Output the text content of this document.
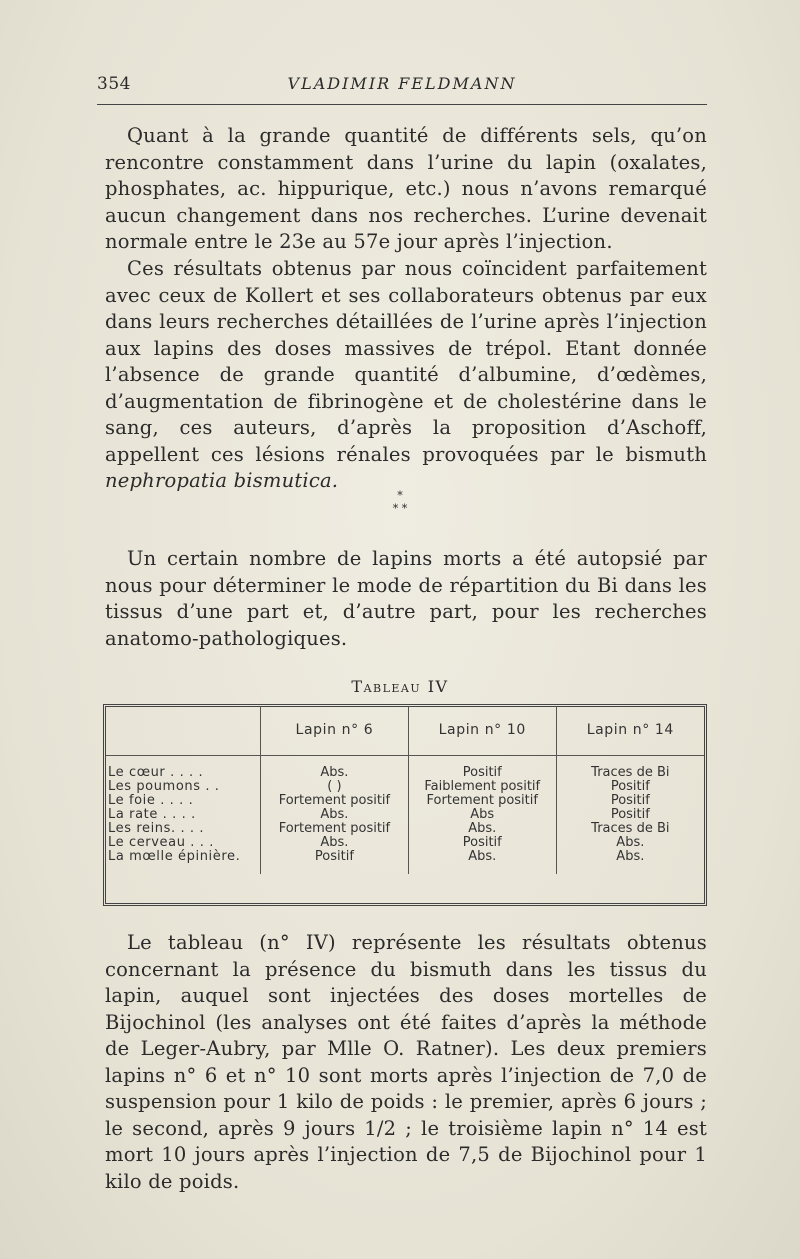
354	VLADIMIR FELDMANN

Quant à la grande quantité de différents sels, qu’on rencontre constamment dans l’urine du lapin (oxalates, phosphates, ac. hippurique, etc.) nous n’avons remarqué aucun changement dans nos recherches. L’urine devenait normale entre le 23e au 57e jour après l’injection.

Ces résultats obtenus par nous coïncident parfaitement avec ceux de Kollert et ses collaborateurs obtenus par eux dans leurs recherches détaillées de l’urine après l’injection aux lapins des doses massives de trépol. Etant donnée l’absence de grande quantité d’albumine, d’œdèmes, d’augmentation de fibrinogène et de cholestérine dans le sang, ces auteurs, d’après la proposition d’Aschoff, appellent ces lésions rénales provoquées par le bismuth nephropatia bismutica.

*
* *

Un certain nombre de lapins morts a été autopsié par nous pour déterminer le mode de répartition du Bi dans les tissus d’une part et, d’autre part, pour les recherches anatomo-pathologiques.

Tableau IV
	Lapin n° 6	Lapin n° 10	Lapin n° 14

Le cœur . . . .	Abs.	Positif	Traces de Bi
Les poumons . .	( )	Faiblement positif	Positif
Le foie . . . .	Fortement positif	Fortement positif	Positif
La rate . . . .	Abs.	Abs	Positif
Les reins. . . .	Fortement positif	Abs.	Traces de Bi
Le cerveau . . .	Abs.	Positif	Abs.
La mœlle épinière.	Positif	Abs.	Abs.

Le tableau (n° IV) représente les résultats obtenus concernant la présence du bismuth dans les tissus du lapin, auquel sont injectées des doses mortelles de Bijochinol (les analyses ont été faites d’après la méthode de Leger-Aubry, par Mlle O. Ratner). Les deux premiers lapins n° 6 et n° 10 sont morts après l’injection de 7,0 de suspension pour 1 kilo de poids : le premier, après 6 jours ; le second, après 9 jours 1/2 ; le troisième lapin n° 14 est mort 10 jours après l’injection de 7,5 de Bijochinol pour 1 kilo de poids.
